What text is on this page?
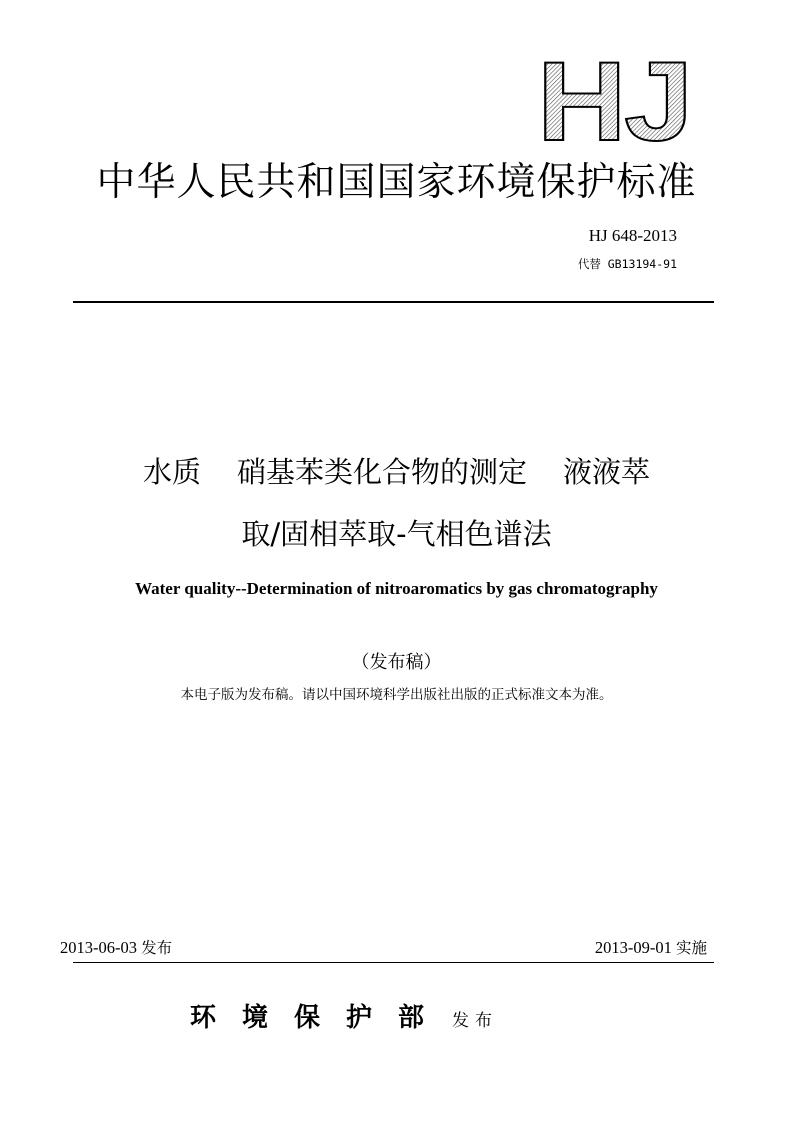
HJ
中华人民共和国国家环境保护标准
HJ 648-2013
代替 GB13194-91
水质 硝基苯类化合物的测定 液液萃
取/固相萃取-气相色谱法
Water quality--Determination of nitroaromatics by gas chromatography
（发布稿）
本电子版为发布稿。请以中国环境科学出版社出版的正式标准文本为准。
2013-06-03 发布	2013-09-01 实施
环境保护部 发布
